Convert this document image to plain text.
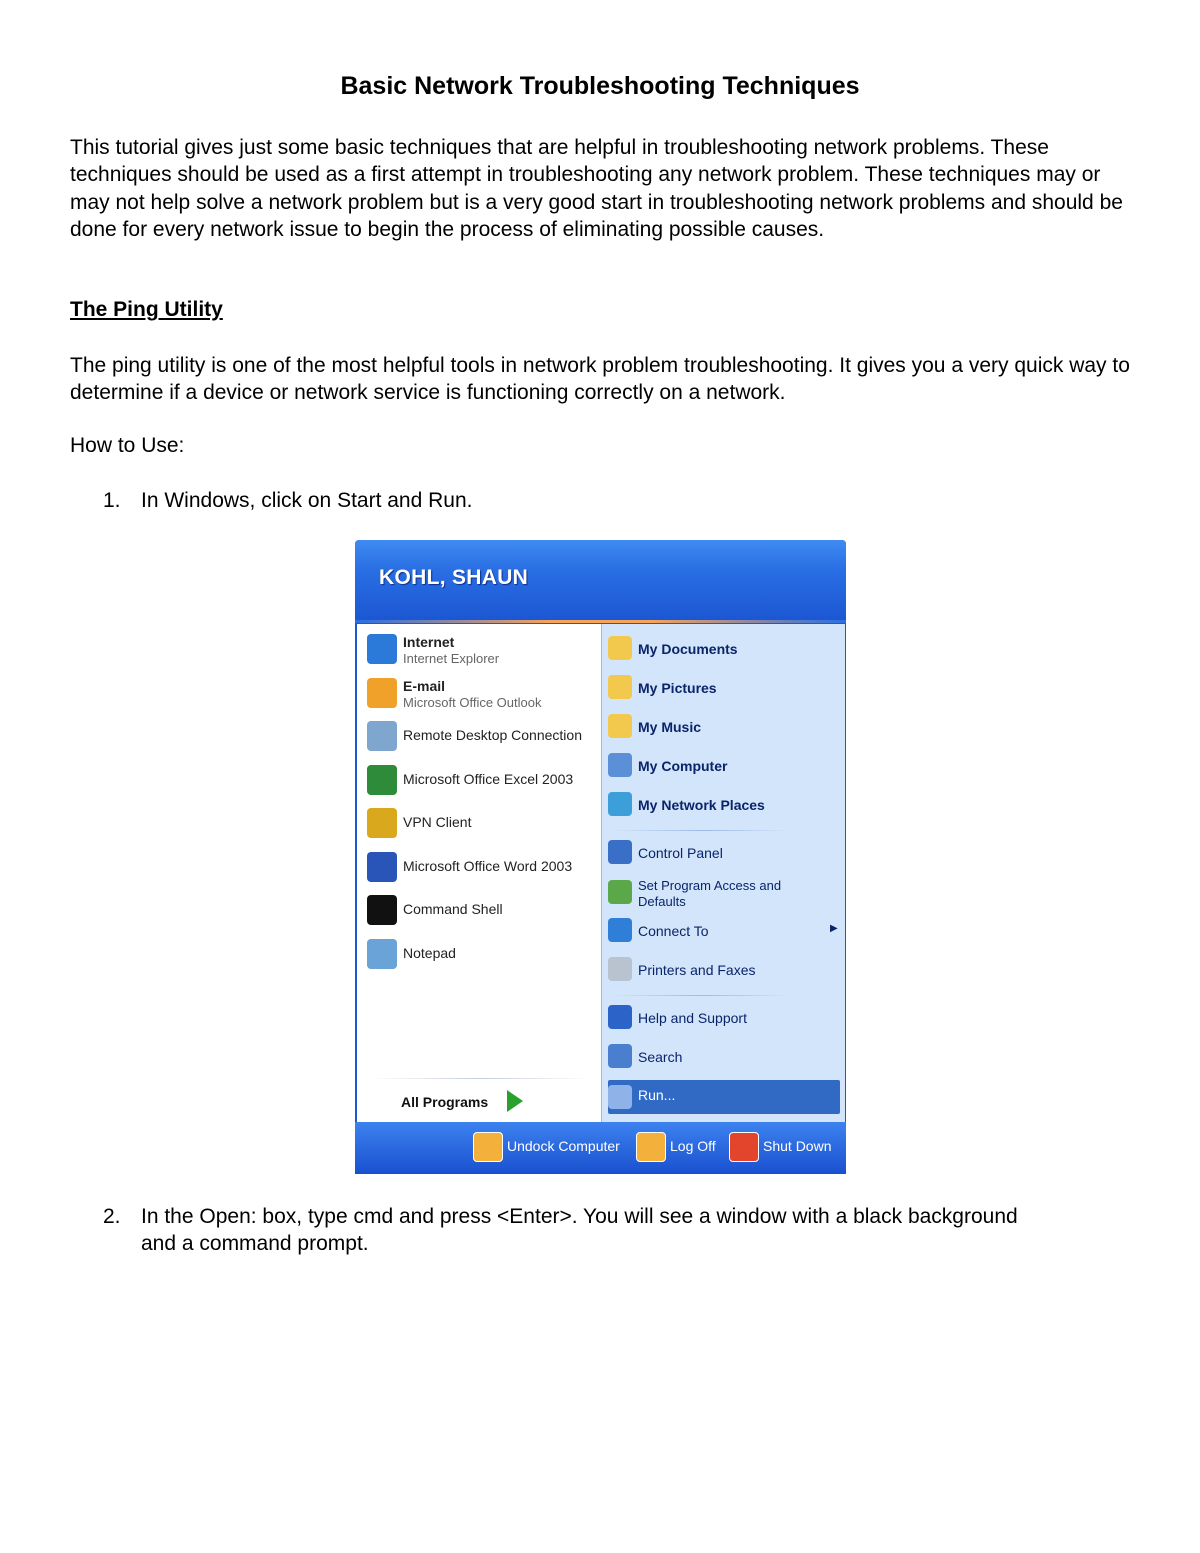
Basic Network Troubleshooting Techniques

This tutorial gives just some basic techniques that are helpful in troubleshooting network problems. These techniques should be used as a first attempt in troubleshooting any network problem. These techniques may or may not help solve a network problem but is a very good start in troubleshooting network problems and should be done for every network issue to begin the process of eliminating possible causes.

The Ping Utility

The ping utility is one of the most helpful tools in network problem troubleshooting. It gives you a very quick way to determine if a device or network service is functioning correctly on a network.

How to Use:
1. In Windows, click on Start and Run.
KOHL, SHAUN
Internet
Internet Explorer
E-mail
Microsoft Office Outlook
Remote Desktop Connection
Microsoft Office Excel 2003
VPN Client
Microsoft Office Word 2003
Command Shell
Notepad
All Programs
My Documents
My Pictures
My Music
My Computer
My Network Places
Control Panel
Set Program Access and Defaults
Connect To	▶
Printers and Faxes
Help and Support
Search
Run...
Undock Computer	Log Off	Shut Down
2. In the Open: box, type cmd and press <Enter>. You will see a window with a black background and a command prompt.
